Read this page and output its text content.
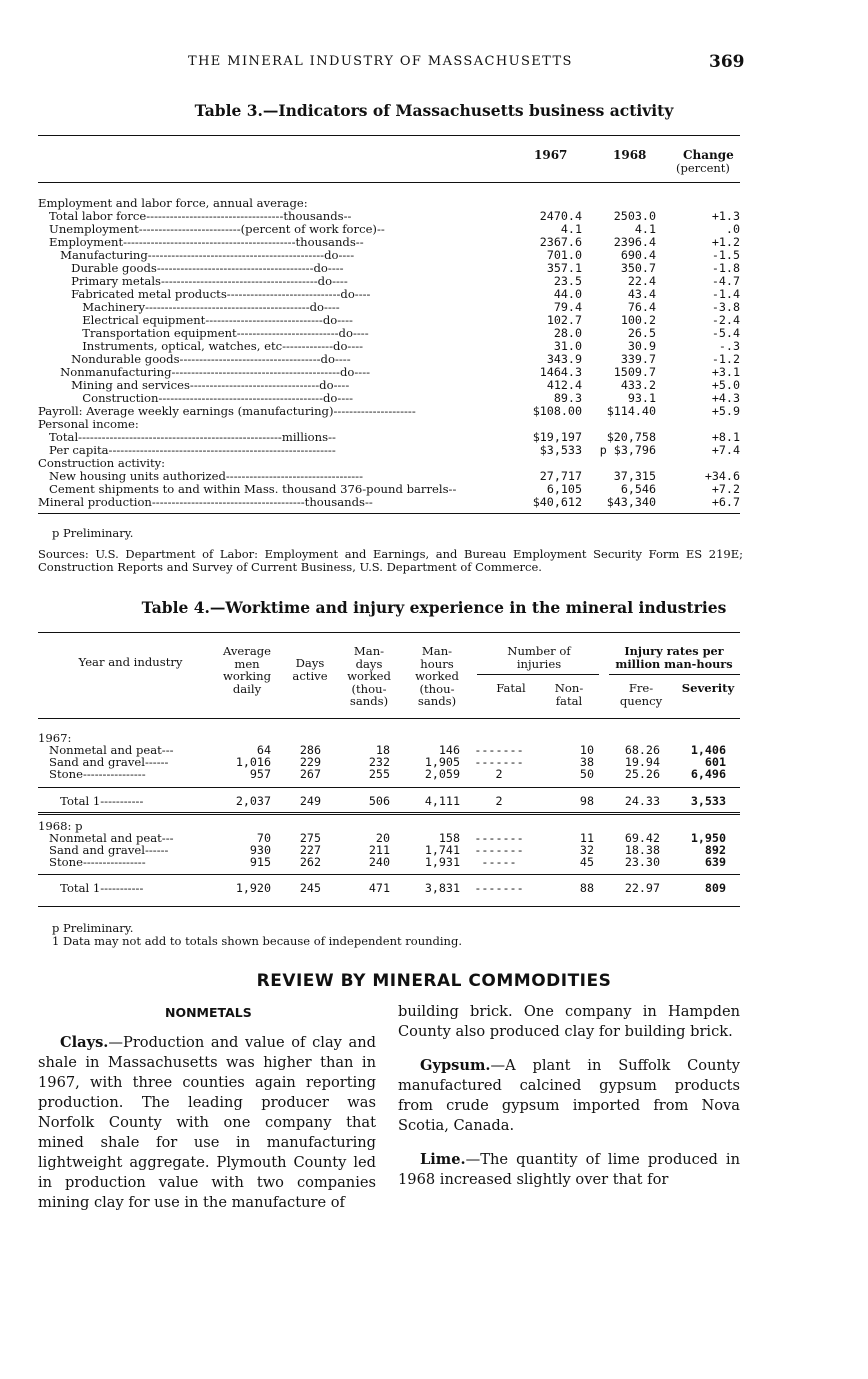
THE MINERAL INDUSTRY OF MASSACHUSETTS	369
Table 3.—Indicators of Massachusetts business activity
1967	1968	Change
(percent)
Employment and labor force, annual average:
Total labor force-----------------------------------thousands--	2470.4	2503.0	+1.3
Unemployment--------------------------(percent of work force)--	4.1	4.1	.0
Employment--------------------------------------------thousands--	2367.6	2396.4	+1.2
Manufacturing---------------------------------------------do----	701.0	690.4	-1.5
Durable goods----------------------------------------do----	357.1	350.7	-1.8
Primary metals----------------------------------------do----	23.5	22.4	-4.7
Fabricated metal products-----------------------------do----	44.0	43.4	-1.4
Machinery------------------------------------------do----	79.4	76.4	-3.8
Electrical equipment------------------------------do----	102.7	100.2	-2.4
Transportation equipment--------------------------do----	28.0	26.5	-5.4
Instruments, optical, watches, etc-------------do----	31.0	30.9	-.3
Nondurable goods------------------------------------do----	343.9	339.7	-1.2
Nonmanufacturing-------------------------------------------do----	1464.3	1509.7	+3.1
Mining and services---------------------------------do----	412.4	433.2	+5.0
Construction------------------------------------------do----	89.3	93.1	+4.3
Payroll: Average weekly earnings (manufacturing)---------------------	$108.00	$114.40	+5.9
Personal income:
Total----------------------------------------------------millions--	$19,197	$20,758	+8.1
Per capita----------------------------------------------------------	$3,533	p $3,796	+7.4
Construction activity:
New housing units authorized-----------------------------------	27,717	37,315	+34.6
Cement shipments to and within Mass. thousand 376-pound barrels--	6,105	6,546	+7.2
Mineral production---------------------------------------thousands--	$40,612	$43,340	+6.7
p Preliminary.
Sources: U.S. Department of Labor: Employment and Earnings, and Bureau Employment Security Form ES 219E; Construction Reports and Survey of Current Business, U.S. Department of Commerce.
Table 4.—Worktime and injury experience in the mineral industries
Year and industry
Average
men
working
daily
Days
active
Man-
days
worked
(thou-
sands)
Man-
hours
worked
(thou-
sands)
Number of
injuries
Fatal	Non-
fatal
Injury rates per
million man-hours
Fre-
quency
Severity
1967:
Nonmetal and peat---	64	286	18	146	-------	10	68.26	1,406
Sand and gravel------	1,016	229	232	1,905	-------	38	19.94	601
Stone----------------	957	267	255	2,059	2	50	25.26	6,496
Total 1-----------	2,037	249	506	4,111	2	98	24.33	3,533
1968: p
Nonmetal and peat---	70	275	20	158	-------	11	69.42	1,950
Sand and gravel------	930	227	211	1,741	-------	32	18.38	892
Stone----------------	915	262	240	1,931	-----	45	23.30	639
Total 1-----------	1,920	245	471	3,831	-------	88	22.97	809
p Preliminary.
1 Data may not add to totals shown because of independent rounding.
REVIEW BY MINERAL COMMODITIES
NONMETALS

Clays.—Production and value of clay and shale in Massachusetts was higher than in 1967, with three counties again reporting production. The leading producer was Norfolk County with one company that mined shale for use in manufacturing lightweight aggregate. Plymouth County led in production value with two companies mining clay for use in the manufacture of

building brick. One company in Hampden County also produced clay for building brick.

Gypsum.—A plant in Suffolk County manufactured calcined gypsum products from crude gypsum imported from Nova Scotia, Canada.

Lime.—The quantity of lime produced in 1968 increased slightly over that for
